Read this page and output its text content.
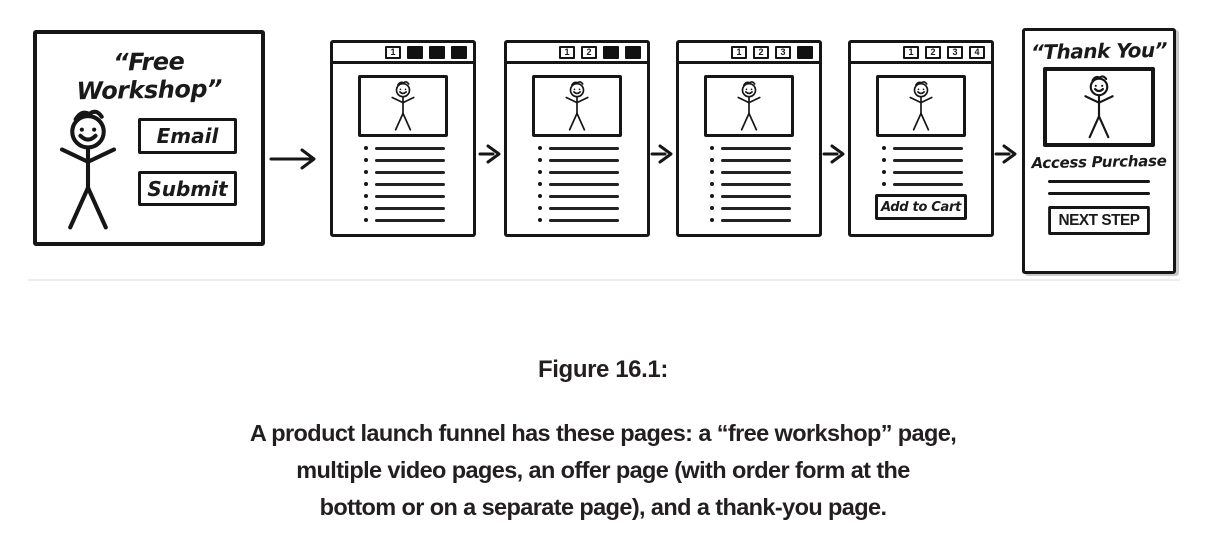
“Free Workshop”
Email
Submit
1	1	2	1	2	3	1	2	3	4
Add to Cart
“Thank You”
Access Purchase
NEXT STEP
Figure 16.1:
A product launch funnel has these pages: a “free workshop” page,
multiple video pages, an offer page (with order form at the
bottom or on a separate page), and a thank-you page.
